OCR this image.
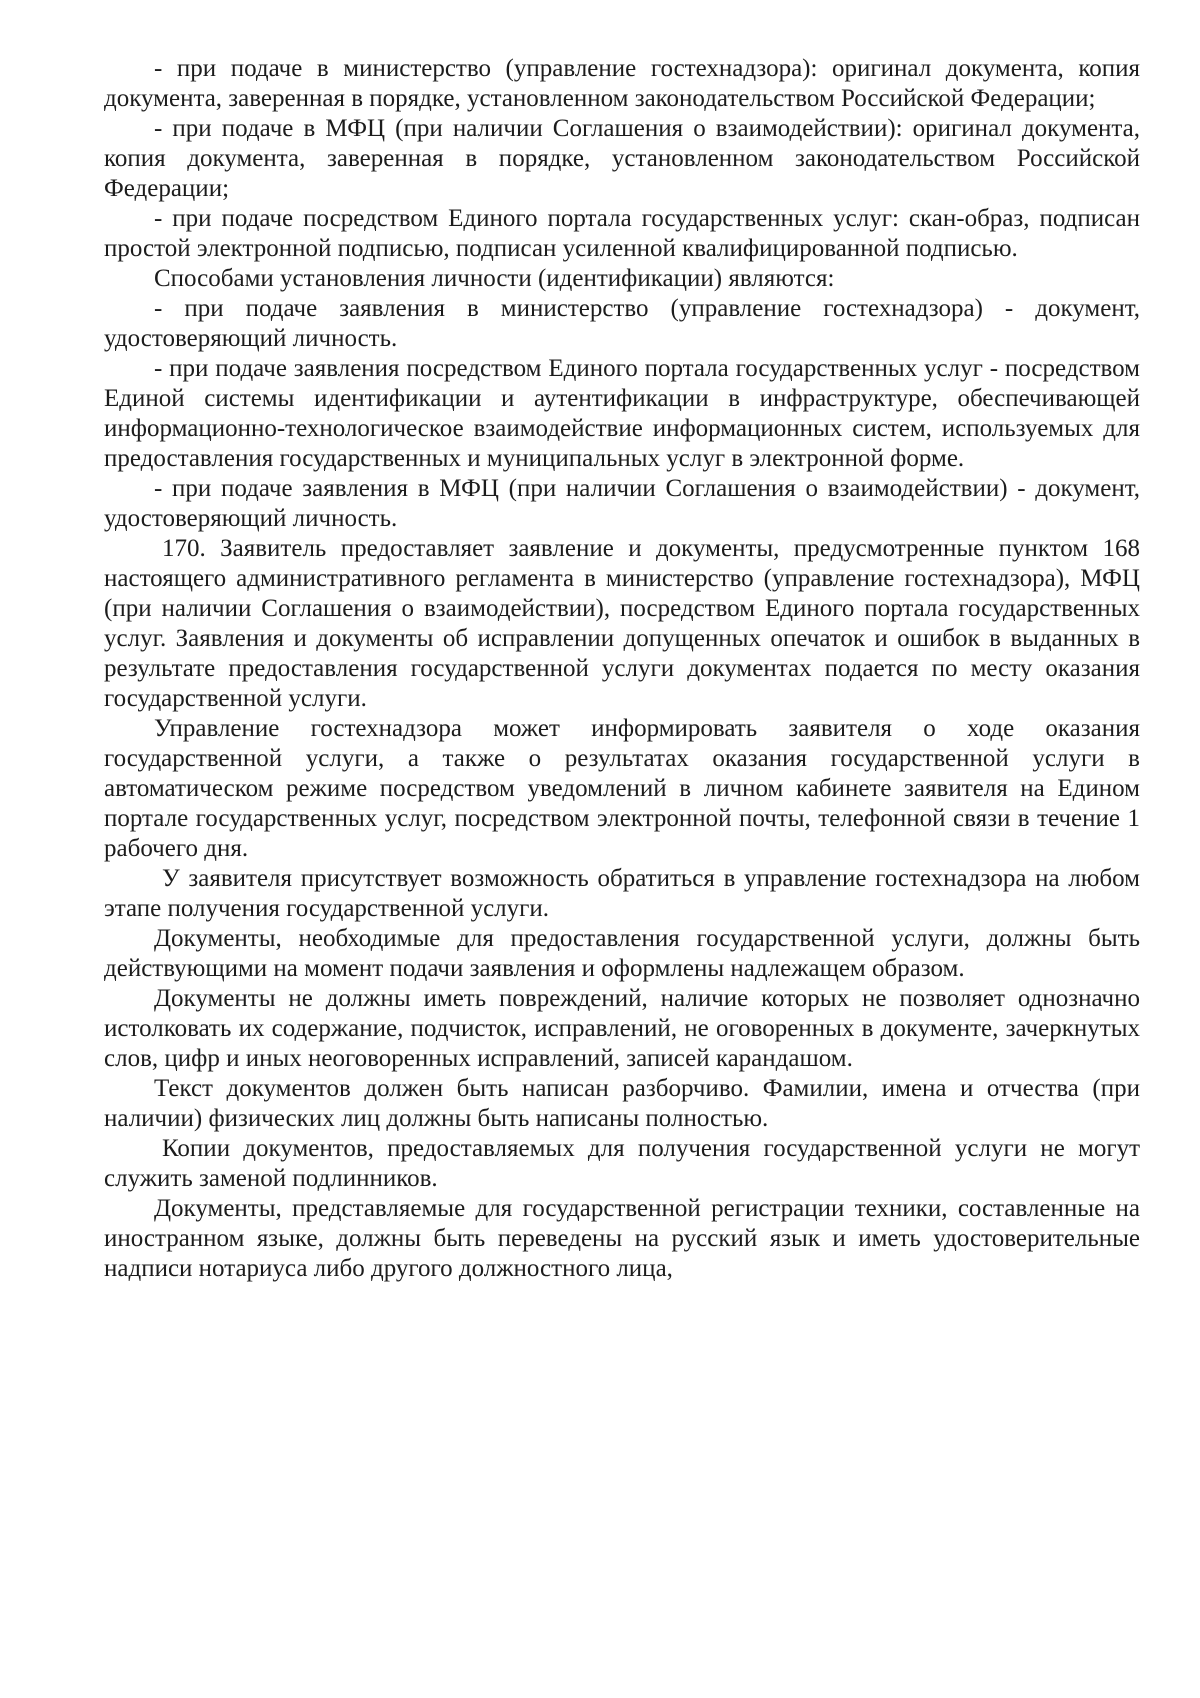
- при подаче в министерство (управление гостехнадзора): оригинал документа, копия документа, заверенная в порядке, установленном законодательством Российской Федерации;

- при подаче в МФЦ (при наличии Соглашения о взаимодействии): оригинал документа, копия документа, заверенная в порядке, установленном законодательством Российской Федерации;

- при подаче посредством Единого портала государственных услуг: скан-образ, подписан простой электронной подписью, подписан усиленной квалифицированной подписью.

Способами установления личности (идентификации) являются:

- при подаче заявления в министерство (управление гостехнадзора) - документ, удостоверяющий личность.

- при подаче заявления посредством Единого портала государственных услуг - посредством Единой системы идентификации и аутентификации в инфраструктуре, обеспечивающей информационно-технологическое взаимодействие информационных систем, используемых для предоставления государственных и муниципальных услуг в электронной форме.

- при подаче заявления в МФЦ (при наличии Соглашения о взаимодействии) - документ, удостоверяющий личность.

170. Заявитель предоставляет заявление и документы, предусмотренные пунктом 168 настоящего административного регламента в министерство (управление гостехнадзора), МФЦ (при наличии Соглашения о взаимодействии), посредством Единого портала государственных услуг. Заявления и документы об исправлении допущенных опечаток и ошибок в выданных в результате предоставления государственной услуги документах подается по месту оказания государственной услуги.

Управление гостехнадзора может информировать заявителя о ходе оказания государственной услуги, а также о результатах оказания государственной услуги в автоматическом режиме посредством уведомлений в личном кабинете заявителя на Едином портале государственных услуг, посредством электронной почты, телефонной связи в течение 1 рабочего дня.

У заявителя присутствует возможность обратиться в управление гостехнадзора на любом этапе получения государственной услуги.

Документы, необходимые для предоставления государственной услуги, должны быть действующими на момент подачи заявления и оформлены надлежащем образом.

Документы не должны иметь повреждений, наличие которых не позволяет однозначно истолковать их содержание, подчисток, исправлений, не оговоренных в документе, зачеркнутых слов, цифр и иных неоговоренных исправлений, записей карандашом.

Текст документов должен быть написан разборчиво. Фамилии, имена и отчества (при наличии) физических лиц должны быть написаны полностью.

Копии документов, предоставляемых для получения государственной услуги не могут служить заменой подлинников.

Документы, представляемые для государственной регистрации техники, составленные на иностранном языке, должны быть переведены на русский язык и иметь удостоверительные надписи нотариуса либо другого должностного лица,
